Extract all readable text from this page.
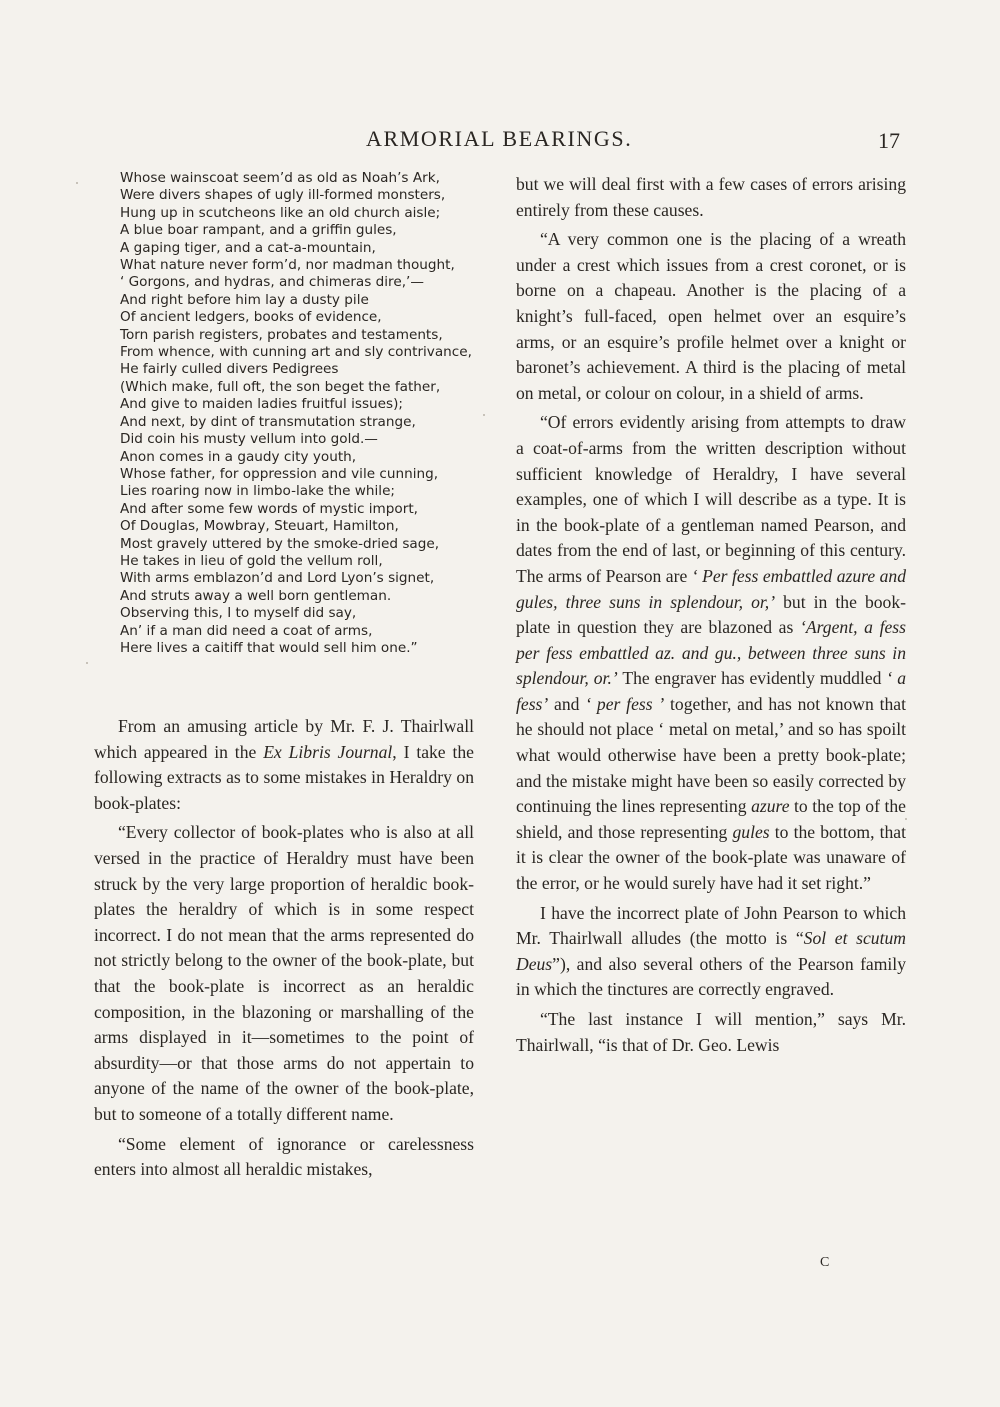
ARMORIAL BEARINGS.	17
Whose wainscoat seem’d as old as Noah’s Ark,
Were divers shapes of ugly ill-formed monsters,
Hung up in scutcheons like an old church aisle;
A blue boar rampant, and a griffin gules,
A gaping tiger, and a cat-a-mountain,
What nature never form’d, nor madman thought,
‘ Gorgons, and hydras, and chimeras dire,’—
And right before him lay a dusty pile
Of ancient ledgers, books of evidence,
Torn parish registers, probates and testaments,
From whence, with cunning art and sly contrivance,
He fairly culled divers Pedigrees
(Which make, full oft, the son beget the father,
And give to maiden ladies fruitful issues);
And next, by dint of transmutation strange,
Did coin his musty vellum into gold.—
Anon comes in a gaudy city youth,
Whose father, for oppression and vile cunning,
Lies roaring now in limbo-lake the while;
And after some few words of mystic import,
Of Douglas, Mowbray, Steuart, Hamilton,
Most gravely uttered by the smoke-dried sage,
He takes in lieu of gold the vellum roll,
With arms emblazon’d and Lord Lyon’s signet,
And struts away a well born gentleman.
Observing this, I to myself did say,
An’ if a man did need a coat of arms,
Here lives a caitiff that would sell him one.”

From an amusing article by Mr. F. J. Thairlwall which appeared in the Ex Libris Journal, I take the following extracts as to some mistakes in Heraldry on book-plates:

“Every collector of book-plates who is also at all versed in the practice of Heraldry must have been struck by the very large proportion of heraldic book-plates the heraldry of which is in some respect incorrect. I do not mean that the arms represented do not strictly belong to the owner of the book-plate, but that the book-plate is incorrect as an heraldic composition, in the blazoning or marshalling of the arms displayed in it—sometimes to the point of absurdity—or that those arms do not appertain to anyone of the name of the owner of the book-plate, but to someone of a totally different name.

“Some element of ignorance or carelessness enters into almost all heraldic mistakes,

but we will deal first with a few cases of errors arising entirely from these causes.

“A very common one is the placing of a wreath under a crest which issues from a crest coronet, or is borne on a chapeau. Another is the placing of a knight’s full-faced, open helmet over an esquire’s arms, or an esquire’s profile helmet over a knight or baronet’s achievement. A third is the placing of metal on metal, or colour on colour, in a shield of arms.

“Of errors evidently arising from attempts to draw a coat-of-arms from the written description without sufficient knowledge of Heraldry, I have several examples, one of which I will describe as a type. It is in the book-plate of a gentleman named Pearson, and dates from the end of last, or beginning of this century. The arms of Pearson are ‘ Per fess embattled azure and gules, three suns in splendour, or,’ but in the book-plate in question they are blazoned as ‘Argent, a fess per fess embattled az. and gu., between three suns in splendour, or.’ The engraver has evidently muddled ‘ a fess’ and ‘ per fess ’ together, and has not known that he should not place ‘ metal on metal,’ and so has spoilt what would otherwise have been a pretty book-plate; and the mistake might have been so easily corrected by continuing the lines representing azure to the top of the shield, and those representing gules to the bottom, that it is clear the owner of the book-plate was unaware of the error, or he would surely have had it set right.”

I have the incorrect plate of John Pearson to which Mr. Thairlwall alludes (the motto is “Sol et scutum Deus”), and also several others of the Pearson family in which the tinctures are correctly engraved.

“The last instance I will mention,” says Mr. Thairlwall, “is that of Dr. Geo. Lewis

C
